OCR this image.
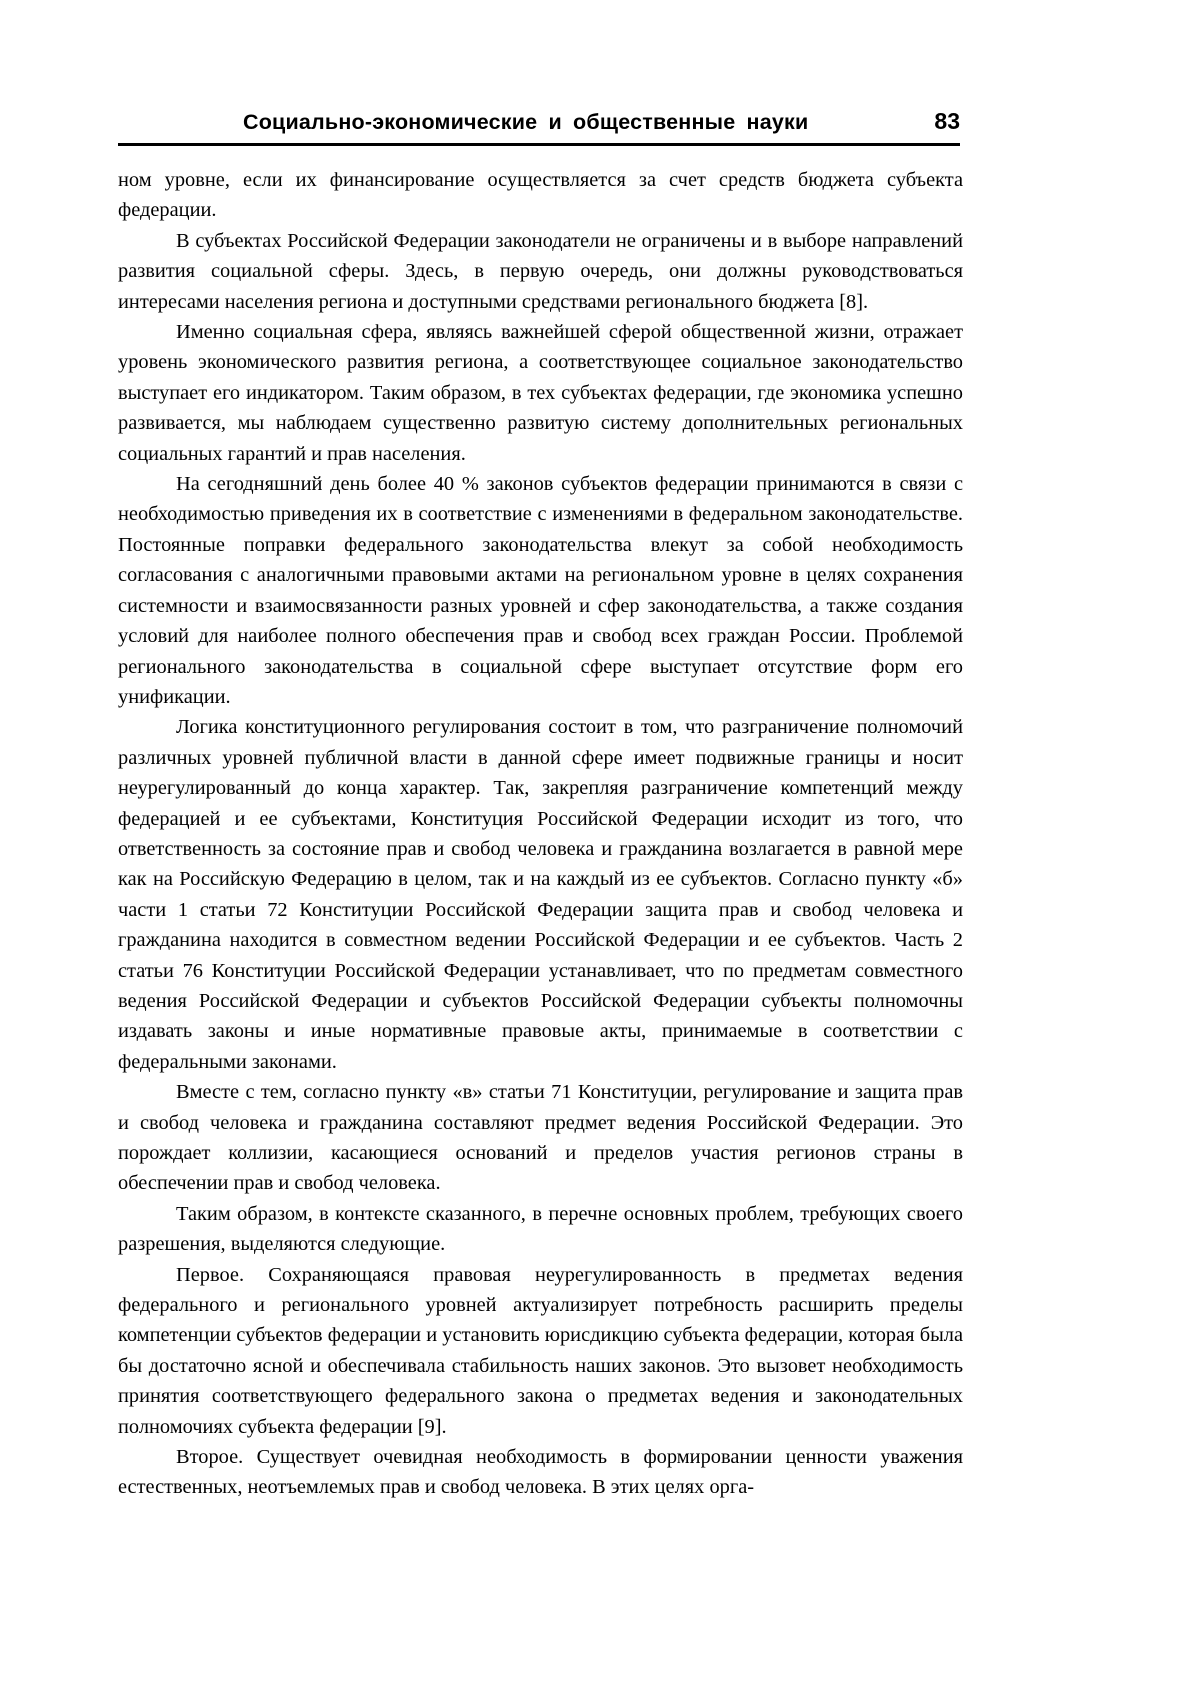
Социально-экономические и общественные науки	83

ном уровне, если их финансирование осуществляется за счет средств бюджета субъекта федерации.

В субъектах Российской Федерации законодатели не ограничены и в выборе направлений развития социальной сферы. Здесь, в первую очередь, они должны руководствоваться интересами населения региона и доступными средствами регионального бюджета [8].

Именно социальная сфера, являясь важнейшей сферой общественной жизни, отражает уровень экономического развития региона, а соответствующее социальное законодательство выступает его индикатором. Таким образом, в тех субъектах федерации, где экономика успешно развивается, мы наблюдаем существенно развитую систему дополнительных региональных социальных гарантий и прав населения.

На сегодняшний день более 40 % законов субъектов федерации принимаются в связи с необходимостью приведения их в соответствие с изменениями в федеральном законодательстве. Постоянные поправки федерального законодательства влекут за собой необходимость согласования с аналогичными правовыми актами на региональном уровне в целях сохранения системности и взаимосвязанности разных уровней и сфер законодательства, а также создания условий для наиболее полного обеспечения прав и свобод всех граждан России. Проблемой регионального законодательства в социальной сфере выступает отсутствие форм его унификации.

Логика конституционного регулирования состоит в том, что разграничение полномочий различных уровней публичной власти в данной сфере имеет подвижные границы и носит неурегулированный до конца характер. Так, закрепляя разграничение компетенций между федерацией и ее субъектами, Конституция Российской Федерации исходит из того, что ответственность за состояние прав и свобод человека и гражданина возлагается в равной мере как на Российскую Федерацию в целом, так и на каждый из ее субъектов. Согласно пункту «б» части 1 статьи 72 Конституции Российской Федерации защита прав и свобод человека и гражданина находится в совместном ведении Российской Федерации и ее субъектов. Часть 2 статьи 76 Конституции Российской Федерации устанавливает, что по предметам совместного ведения Российской Федерации и субъектов Российской Федерации субъекты полномочны издавать законы и иные нормативные правовые акты, принимаемые в соответствии с федеральными законами.

Вместе с тем, согласно пункту «в» статьи 71 Конституции, регулирование и защита прав и свобод человека и гражданина составляют предмет ведения Российской Федерации. Это порождает коллизии, касающиеся оснований и пределов участия регионов страны в обеспечении прав и свобод человека.

Таким образом, в контексте сказанного, в перечне основных проблем, требующих своего разрешения, выделяются следующие.

Первое. Сохраняющаяся правовая неурегулированность в предметах ведения федерального и регионального уровней актуализирует потребность расширить пределы компетенции субъектов федерации и установить юрисдикцию субъекта федерации, которая была бы достаточно ясной и обеспечивала стабильность наших законов. Это вызовет необходимость принятия соответствующего федерального закона о предметах ведения и законодательных полномочиях субъекта федерации [9].

Второе. Существует очевидная необходимость в формировании ценности уважения естественных, неотъемлемых прав и свобод человека. В этих целях орга-
